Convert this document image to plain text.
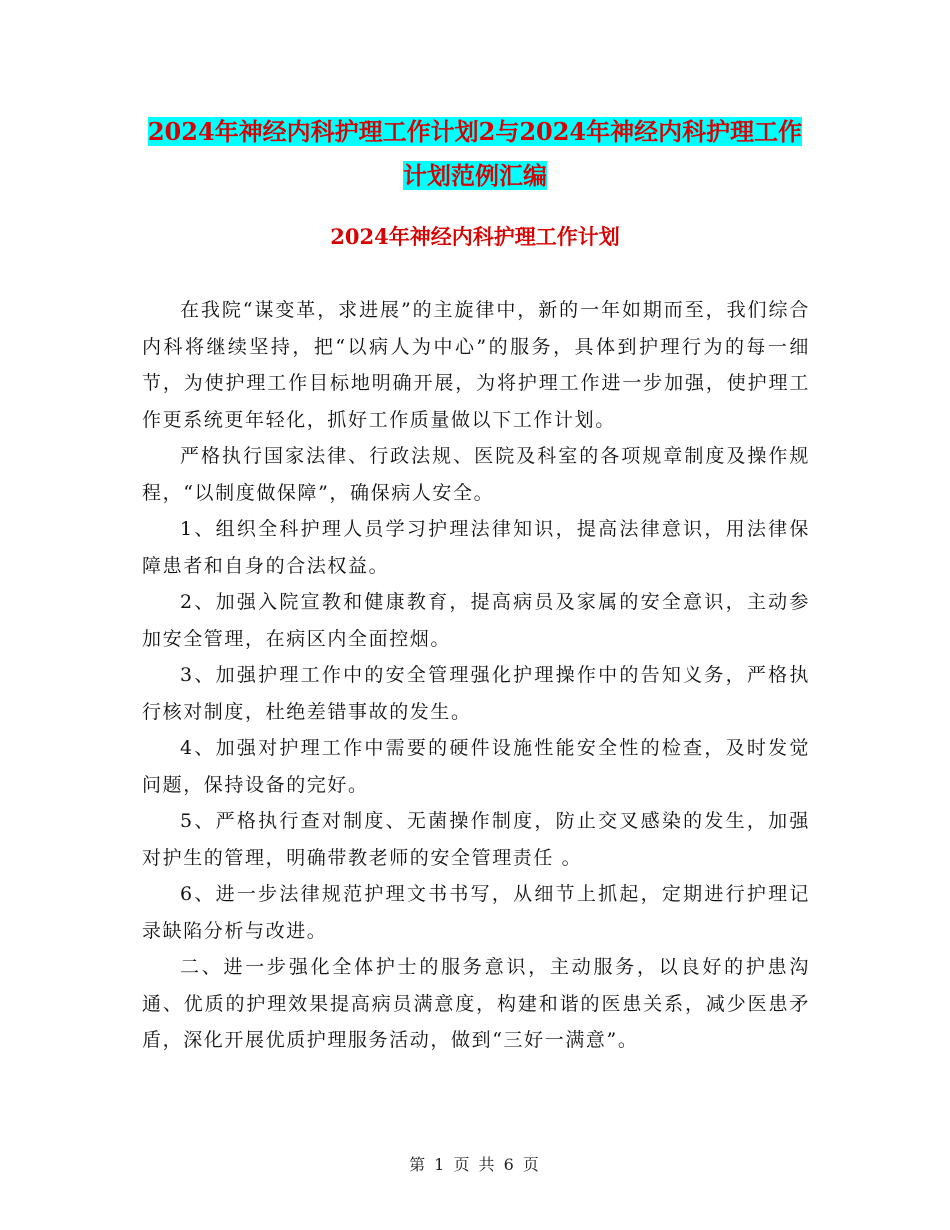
2024年神经内科护理工作计划2与2024年神经内科护理工作计划范例汇编
2024年神经内科护理工作计划

在我院“谋变革，求进展”的主旋律中，新的一年如期而至，我们综合内科将继续坚持，把“以病人为中心”的服务，具体到护理行为的每一细节，为使护理工作目标地明确开展，为将护理工作进一步加强，使护理工作更系统更年轻化，抓好工作质量做以下工作计划。

严格执行国家法律、行政法规、医院及科室的各项规章制度及操作规程，“以制度做保障”，确保病人安全。

1、组织全科护理人员学习护理法律知识，提高法律意识，用法律保障患者和自身的合法权益。

2、加强入院宣教和健康教育，提高病员及家属的安全意识，主动参加安全管理，在病区内全面控烟。

3、加强护理工作中的安全管理强化护理操作中的告知义务，严格执行核对制度，杜绝差错事故的发生。

4、加强对护理工作中需要的硬件设施性能安全性的检查，及时发觉问题，保持设备的完好。

5、严格执行查对制度、无菌操作制度，防止交叉感染的发生，加强对护生的管理，明确带教老师的安全管理责任 。

6、进一步法律规范护理文书书写，从细节上抓起，定期进行护理记录缺陷分析与改进。

二、进一步强化全体护士的服务意识，主动服务，以良好的护患沟通、优质的护理效果提高病员满意度，构建和谐的医患关系，减少医患矛盾，深化开展优质护理服务活动，做到“三好一满意”。

第 1 页 共 6 页
